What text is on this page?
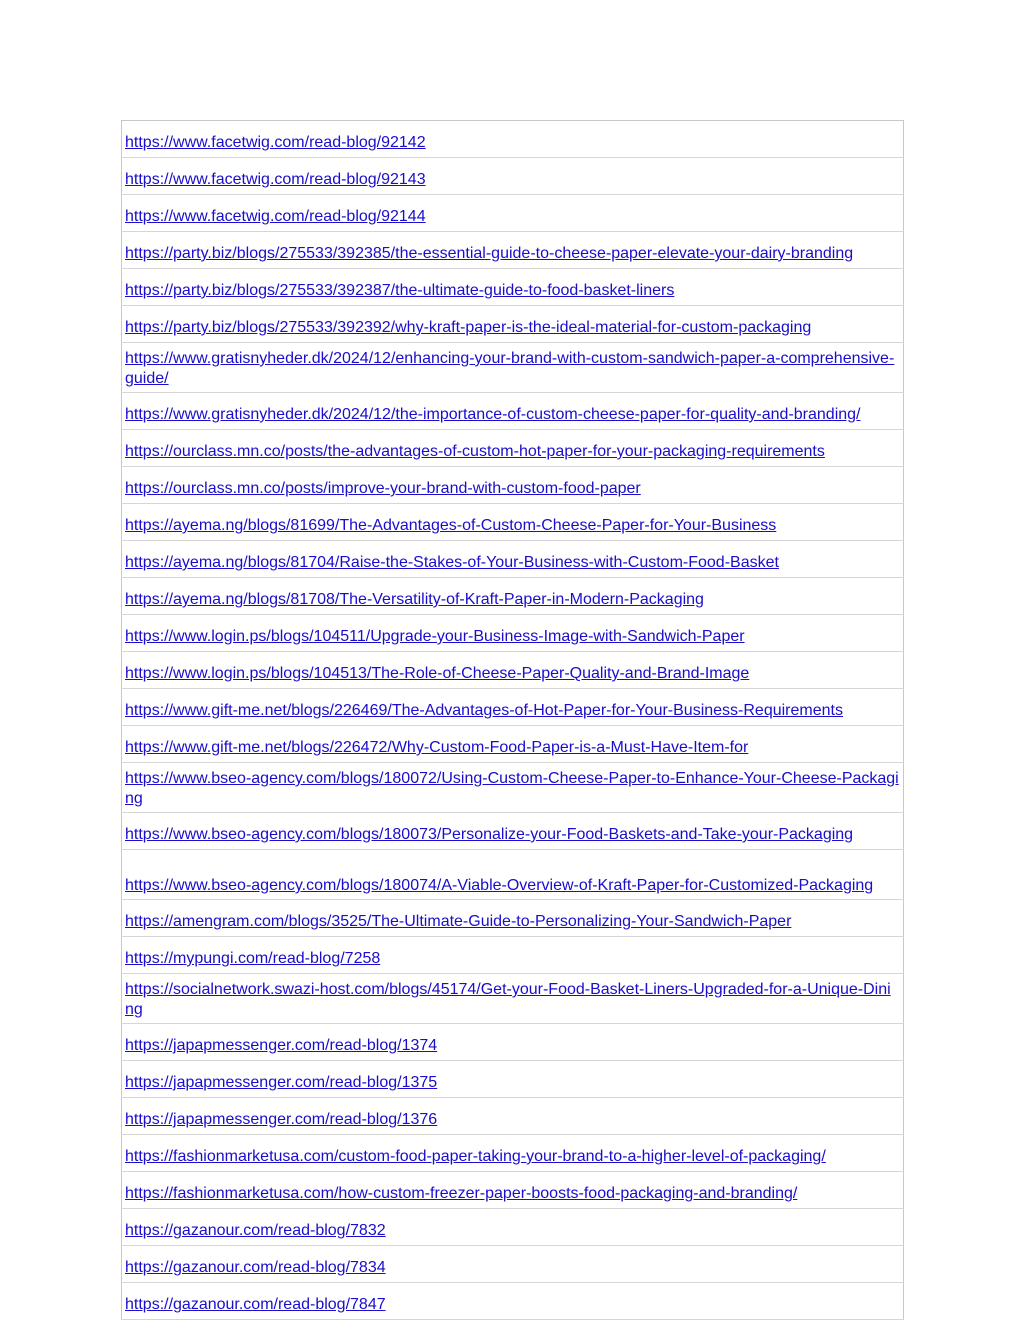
https://www.facetwig.com/read-blog/92142
https://www.facetwig.com/read-blog/92143
https://www.facetwig.com/read-blog/92144
https://party.biz/blogs/275533/392385/the-essential-guide-to-cheese-paper-elevate-your-dairy-branding
https://party.biz/blogs/275533/392387/the-ultimate-guide-to-food-basket-liners
https://party.biz/blogs/275533/392392/why-kraft-paper-is-the-ideal-material-for-custom-packaging
https://www.gratisnyheder.dk/2024/12/enhancing-your-brand-with-custom-sandwich-paper-a-comprehensive-guide/
https://www.gratisnyheder.dk/2024/12/the-importance-of-custom-cheese-paper-for-quality-and-branding/
https://ourclass.mn.co/posts/the-advantages-of-custom-hot-paper-for-your-packaging-requirements
https://ourclass.mn.co/posts/improve-your-brand-with-custom-food-paper
https://ayema.ng/blogs/81699/The-Advantages-of-Custom-Cheese-Paper-for-Your-Business
https://ayema.ng/blogs/81704/Raise-the-Stakes-of-Your-Business-with-Custom-Food-Basket
https://ayema.ng/blogs/81708/The-Versatility-of-Kraft-Paper-in-Modern-Packaging
https://www.login.ps/blogs/104511/Upgrade-your-Business-Image-with-Sandwich-Paper
https://www.login.ps/blogs/104513/The-Role-of-Cheese-Paper-Quality-and-Brand-Image
https://www.gift-me.net/blogs/226469/The-Advantages-of-Hot-Paper-for-Your-Business-Requirements
https://www.gift-me.net/blogs/226472/Why-Custom-Food-Paper-is-a-Must-Have-Item-for
https://www.bseo-agency.com/blogs/180072/Using-Custom-Cheese-Paper-to-Enhance-Your-Cheese-Packaging
https://www.bseo-agency.com/blogs/180073/Personalize-your-Food-Baskets-and-Take-your-Packaging
https://www.bseo-agency.com/blogs/180074/A-Viable-Overview-of-Kraft-Paper-for-Customized-Packaging
https://amengram.com/blogs/3525/The-Ultimate-Guide-to-Personalizing-Your-Sandwich-Paper
https://mypungi.com/read-blog/7258
https://socialnetwork.swazi-host.com/blogs/45174/Get-your-Food-Basket-Liners-Upgraded-for-a-Unique-Dining
https://japapmessenger.com/read-blog/1374
https://japapmessenger.com/read-blog/1375
https://japapmessenger.com/read-blog/1376
https://fashionmarketusa.com/custom-food-paper-taking-your-brand-to-a-higher-level-of-packaging/
https://fashionmarketusa.com/how-custom-freezer-paper-boosts-food-packaging-and-branding/
https://gazanour.com/read-blog/7832
https://gazanour.com/read-blog/7834
https://gazanour.com/read-blog/7847
